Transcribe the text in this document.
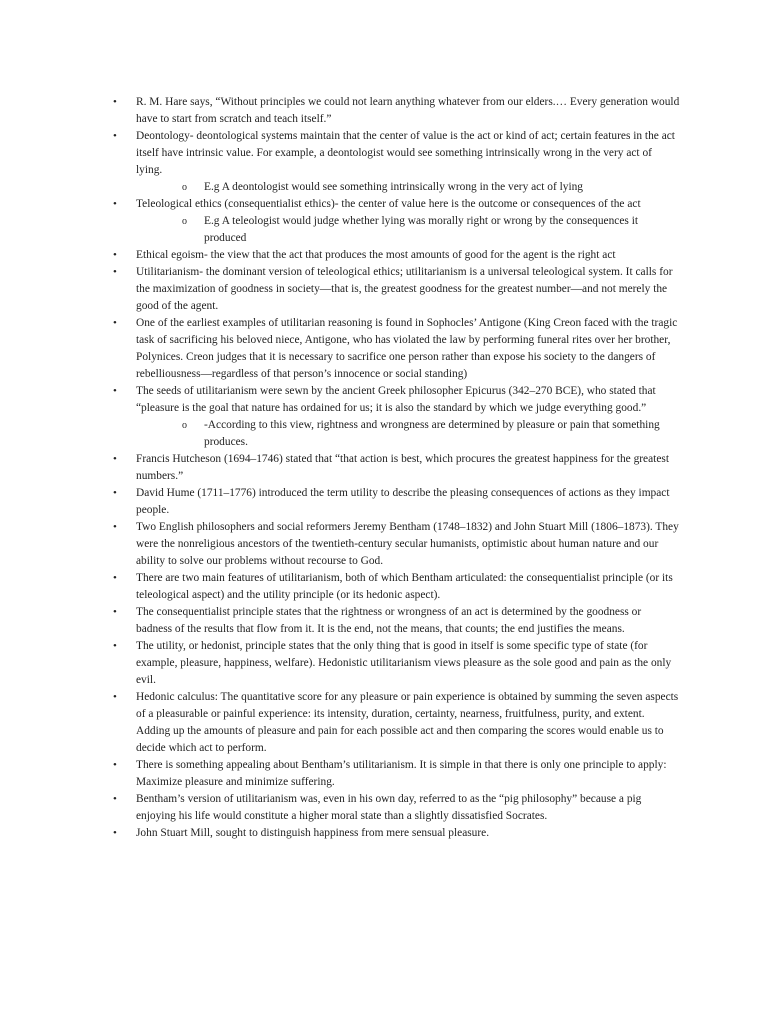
• R. M. Hare says, “Without principles we could not learn anything whatever from our elders.… Every generation would have to start from scratch and teach itself.”
• Deontology- deontological systems maintain that the center of value is the act or kind of act; certain features in the act itself have intrinsic value. For example, a deontologist would see something intrinsically wrong in the very act of lying.
o E.g A deontologist would see something intrinsically wrong in the very act of lying
• Teleological ethics (consequentialist ethics)- the center of value here is the outcome or consequences of the act
o E.g A teleologist would judge whether lying was morally right or wrong by the consequences it produced
• Ethical egoism- the view that the act that produces the most amounts of good for the agent is the right act
• Utilitarianism- the dominant version of teleological ethics; utilitarianism is a universal teleological system. It calls for the maximization of goodness in society—that is, the greatest goodness for the greatest number—and not merely the good of the agent.
• One of the earliest examples of utilitarian reasoning is found in Sophocles’ Antigone (King Creon faced with the tragic task of sacrificing his beloved niece, Antigone, who has violated the law by performing funeral rites over her brother, Polynices. Creon judges that it is necessary to sacrifice one person rather than expose his society to the dangers of rebelliousness—regardless of that person’s innocence or social standing)
• The seeds of utilitarianism were sewn by the ancient Greek philosopher Epicurus (342–270 BCE), who stated that “pleasure is the goal that nature has ordained for us; it is also the standard by which we judge everything good.”
o -According to this view, rightness and wrongness are determined by pleasure or pain that something produces.
• Francis Hutcheson (1694–1746) stated that “that action is best, which procures the greatest happiness for the greatest numbers.”
• David Hume (1711–1776) introduced the term utility to describe the pleasing consequences of actions as they impact people.
• Two English philosophers and social reformers Jeremy Bentham (1748–1832) and John Stuart Mill (1806–1873). They were the nonreligious ancestors of the twentieth-century secular humanists, optimistic about human nature and our ability to solve our problems without recourse to God.
• There are two main features of utilitarianism, both of which Bentham articulated: the consequentialist principle (or its teleological aspect) and the utility principle (or its hedonic aspect).
• The consequentialist principle states that the rightness or wrongness of an act is determined by the goodness or badness of the results that flow from it. It is the end, not the means, that counts; the end justifies the means.
• The utility, or hedonist, principle states that the only thing that is good in itself is some specific type of state (for example, pleasure, happiness, welfare). Hedonistic utilitarianism views pleasure as the sole good and pain as the only evil.
• Hedonic calculus: The quantitative score for any pleasure or pain experience is obtained by summing the seven aspects of a pleasurable or painful experience: its intensity, duration, certainty, nearness, fruitfulness, purity, and extent. Adding up the amounts of pleasure and pain for each possible act and then comparing the scores would enable us to decide which act to perform.
• There is something appealing about Bentham’s utilitarianism. It is simple in that there is only one principle to apply: Maximize pleasure and minimize suffering.
• Bentham’s version of utilitarianism was, even in his own day, referred to as the “pig philosophy” because a pig enjoying his life would constitute a higher moral state than a slightly dissatisfied Socrates.
• John Stuart Mill, sought to distinguish happiness from mere sensual pleasure.
